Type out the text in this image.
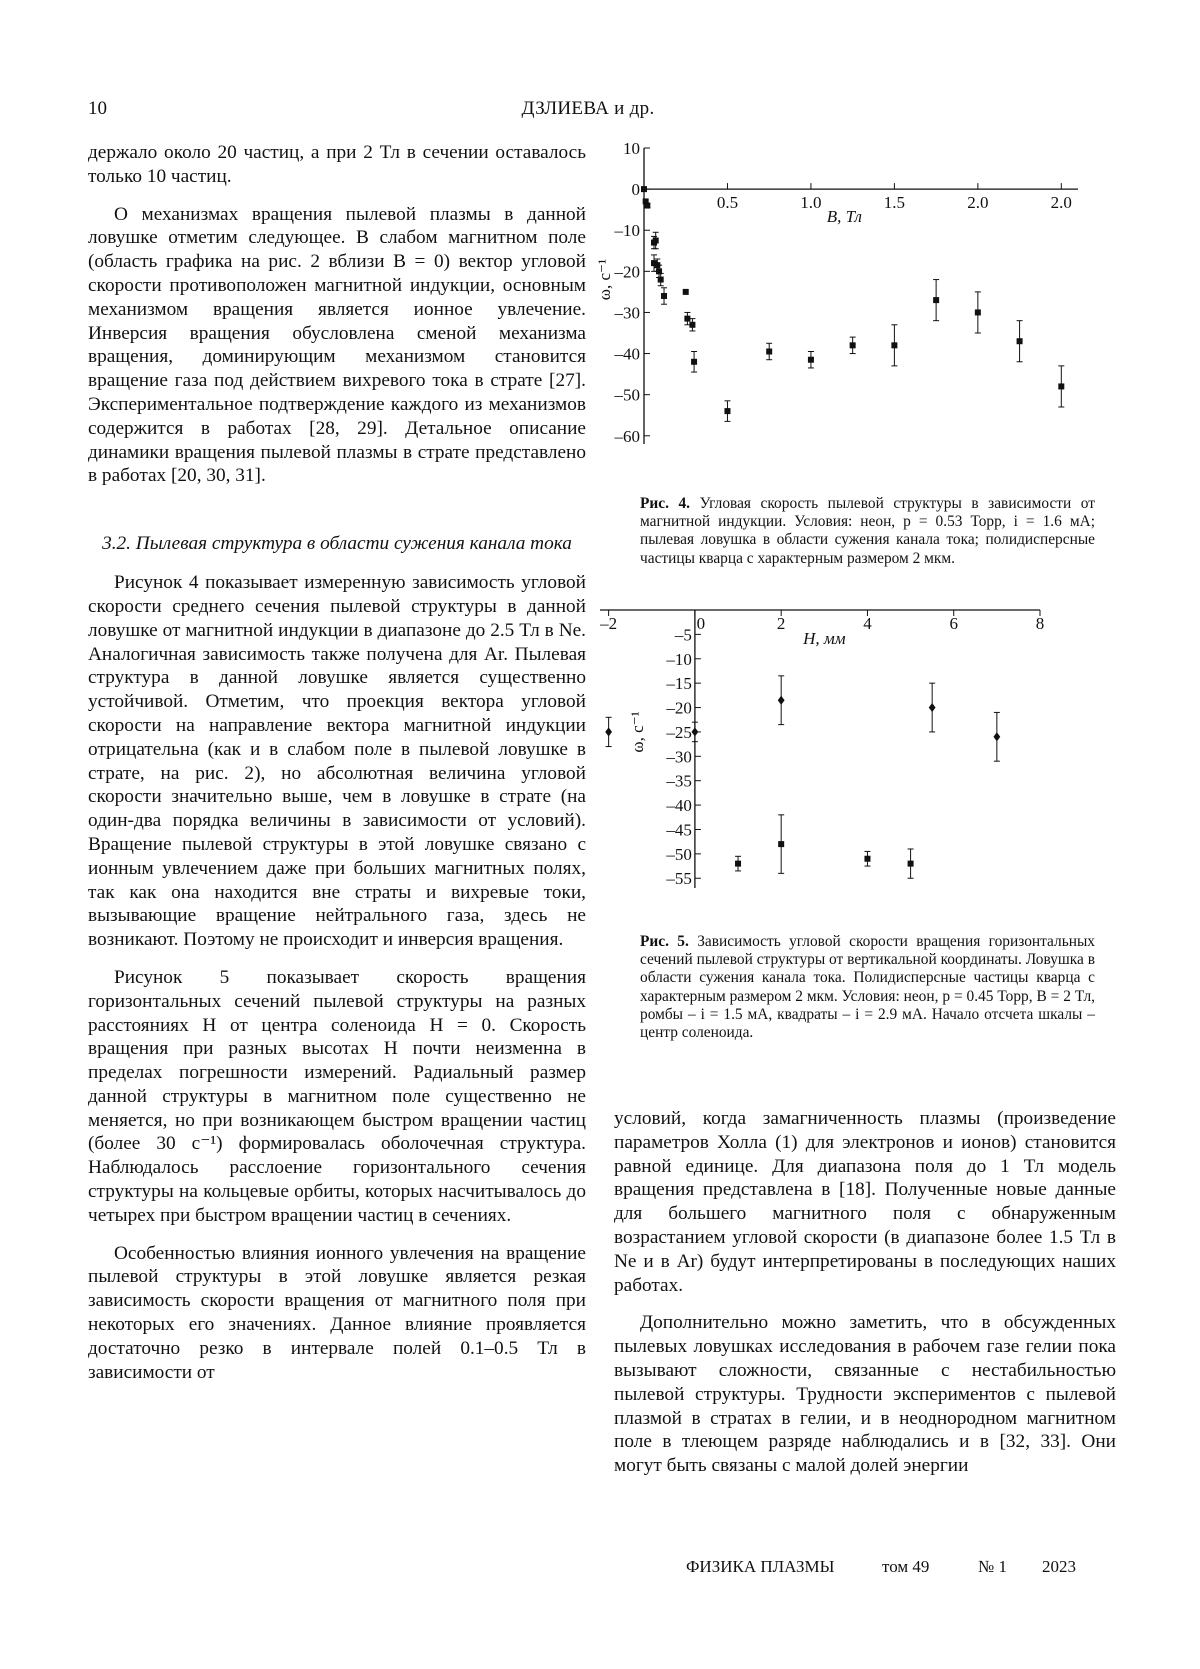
10	ДЗЛИЕВА и др.

держало около 20 частиц, а при 2 Тл в сечении оставалось только 10 частиц.

О механизмах вращения пылевой плазмы в данной ловушке отметим следующее. В слабом магнитном поле (область графика на рис. 2 вблизи B = 0) вектор угловой скорости противоположен магнитной индукции, основным механизмом вращения является ионное увлечение. Инверсия вращения обусловлена сменой механизма вращения, доминирующим механизмом становится вращение газа под действием вихревого тока в страте [27]. Экспериментальное подтверждение каждого из механизмов содержится в работах [28, 29]. Детальное описание динамики вращения пылевой плазмы в страте представлено в работах [20, 30, 31].

3.2. Пылевая структура в области сужения канала тока

Рисунок 4 показывает измеренную зависимость угловой скорости среднего сечения пылевой структуры в данной ловушке от магнитной индукции в диапазоне до 2.5 Тл в Ne. Аналогичная зависимость также получена для Ar. Пылевая структура в данной ловушке является существенно устойчивой. Отметим, что проекция вектора угловой скорости на направление вектора магнитной индукции отрицательна (как и в слабом поле в пылевой ловушке в страте, на рис. 2), но абсолютная величина угловой скорости значительно выше, чем в ловушке в страте (на один-два порядка величины в зависимости от условий). Вращение пылевой структуры в этой ловушке связано с ионным увлечением даже при больших магнитных полях, так как она находится вне страты и вихревые токи, вызывающие вращение нейтрального газа, здесь не возникают. Поэтому не происходит и инверсия вращения.

Рисунок 5 показывает скорость вращения горизонтальных сечений пылевой структуры на разных расстояниях H от центра соленоида H = 0. Скорость вращения при разных высотах H почти неизменна в пределах погрешности измерений. Радиальный размер данной структуры в магнитном поле существенно не меняется, но при возникающем быстром вращении частиц (более 30 с⁻¹) формировалась оболочечная структура. Наблюдалось расслоение горизонтального сечения структуры на кольцевые орбиты, которых насчитывалось до четырех при быстром вращении частиц в сечениях.

Особенностью влияния ионного увлечения на вращение пылевой структуры в этой ловушке является резкая зависимость скорости вращения от магнитного поля при некоторых его значениях. Данное влияние проявляется достаточно резко в интервале полей 0.1–0.5 Тл в зависимости от

10
0
–10
–20
–30
–40
–50
–60
0.5	1.0	1.5	2.0	2.0
B, Тл
ω, с⁻¹
Рис. 4. Угловая скорость пылевой структуры в зависимости от магнитной индукции. Условия: неон, p = 0.53 Торр, i = 1.6 мА; пылевая ловушка в области сужения канала тока; полидисперсные частицы кварца с характерным размером 2 мкм.
–2	0	2	4	6	8
H, мм
–5
–10
–15
–20
–25
–30
–35
–40
–45
–50
–55
ω, с⁻¹
Рис. 5. Зависимость угловой скорости вращения горизонтальных сечений пылевой структуры от вертикальной координаты. Ловушка в области сужения канала тока. Полидисперсные частицы кварца с характерным размером 2 мкм. Условия: неон, p = 0.45 Торр, B = 2 Тл, ромбы – i = 1.5 мА, квадраты – i = 2.9 мА. Начало отсчета шкалы – центр соленоида.

условий, когда замагниченность плазмы (произведение параметров Холла (1) для электронов и ионов) становится равной единице. Для диапазона поля до 1 Тл модель вращения представлена в [18]. Полученные новые данные для большего магнитного поля с обнаруженным возрастанием угловой скорости (в диапазоне более 1.5 Тл в Ne и в Ar) будут интерпретированы в последующих наших работах.

Дополнительно можно заметить, что в обсужденных пылевых ловушках исследования в рабочем газе гелии пока вызывают сложности, связанные с нестабильностью пылевой структуры. Трудности экспериментов с пылевой плазмой в стратах в гелии, и в неоднородном магнитном поле в тлеющем разряде наблюдались и в [32, 33]. Они могут быть связаны с малой долей энергии

ФИЗИКА ПЛАЗМЫ	том 49	№ 1 2023
